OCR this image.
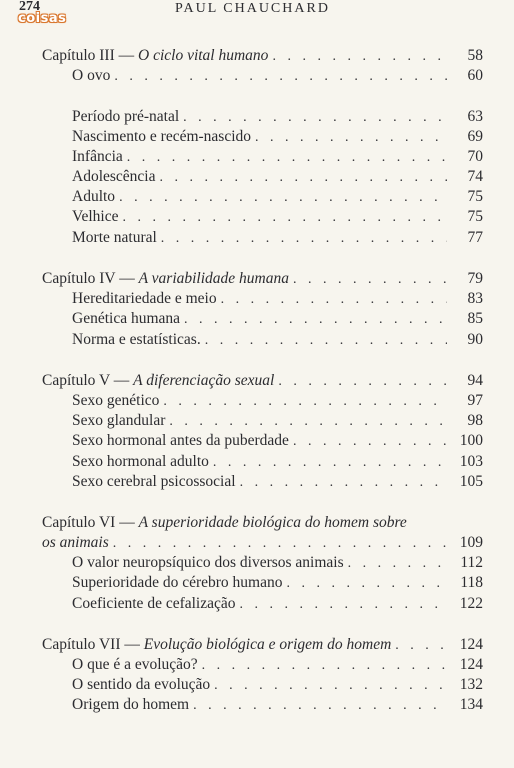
274	PAUL CHAUCHARD
coisas
Capítulo III — O ciclo vital humano . . .	58
O ovo . . .	60
Período pré-natal . . .	63
Nascimento e recém-nascido . . .	69
Infância . . .	70
Adolescência . . .	74
Adulto . . .	75
Velhice . . .	75
Morte natural . . .	77
Capítulo IV — A variabilidade humana . . .	79
Hereditariedade e meio . . .	83
Genética humana . . .	85
Norma e estatísticas. . . .	90
Capítulo V — A diferenciação sexual . . .	94
Sexo genético . . .	97
Sexo glandular . . .	98
Sexo hormonal antes da puberdade . . .	100
Sexo hormonal adulto . . .	103
Sexo cerebral psicossocial . . .	105
Capítulo VI — A superioridade biológica do homem sobre
os animais . . .	109
O valor neuropsíquico dos diversos animais . . .	112
Superioridade do cérebro humano . . .	118
Coeficiente de cefalização . . .	122
Capítulo VII — Evolução biológica e origem do homem . . .	124
O que é a evolução? . . .	124
O sentido da evolução . . .	132
Origem do homem . . .	134
